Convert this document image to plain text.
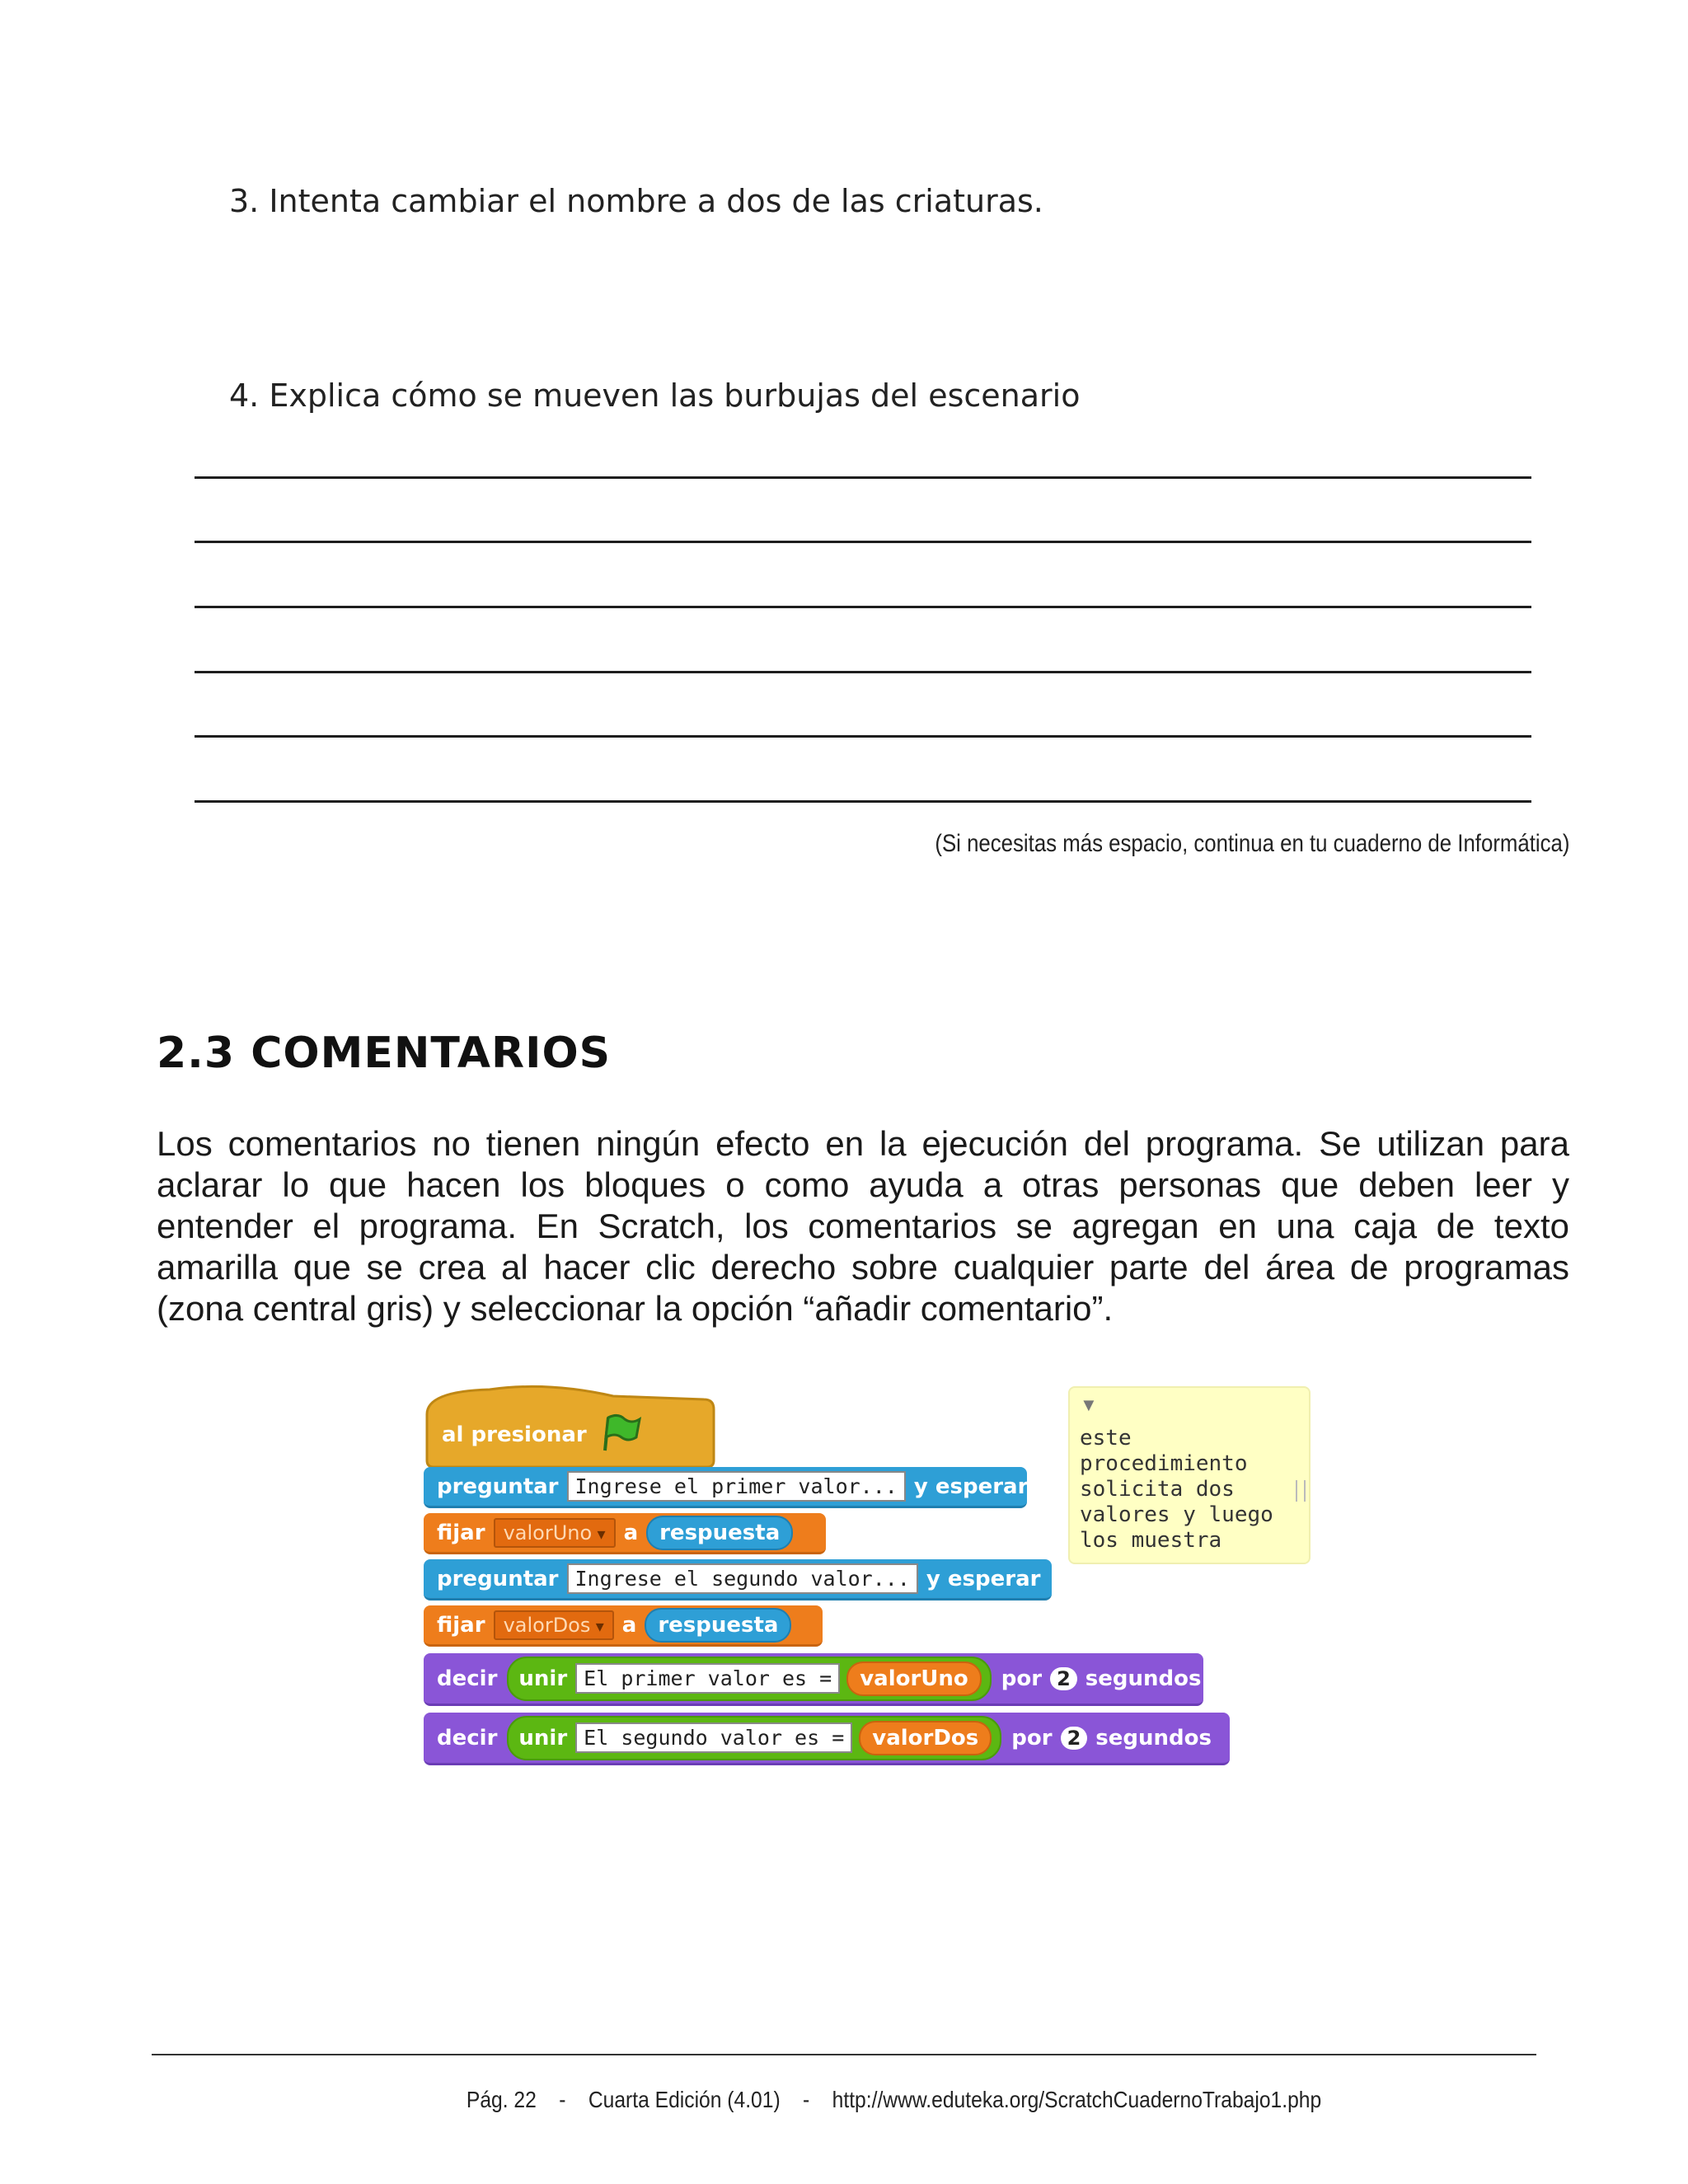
3. Intenta cambiar el nombre a dos de las criaturas.
4. Explica cómo se mueven las burbujas del escenario
(Si necesitas más espacio, continua en tu cuaderno de Informática)
2.3 COMENTARIOS
Los comentarios no tienen ningún efecto en la ejecución del programa. Se utilizan para
aclarar lo que hacen los bloques o como ayuda a otras personas que deben leer y
entender el programa. En Scratch, los comentarios se agregan en una caja de texto
amarilla que se crea al hacer clic derecho sobre cualquier parte del área de programas
(zona central gris) y seleccionar la opción “añadir comentario”.
al presionar
preguntar Ingrese el primer valor... y esperar
fijar valorUno ▾	a	respuesta
preguntar Ingrese el segundo valor... y esperar
fijar valorDos ▾	a	respuesta
decir unir El primer valor es =	valorUno	por 2 segundos
decir unir El segundo valor es =	valorDos	por 2 segundos
▼
este
procedimiento
solicita dos
valores y luego
los muestra

Pág. 22 - Cuarta Edición (4.01) - http://www.eduteka.org/ScratchCuadernoTrabajo1.php
